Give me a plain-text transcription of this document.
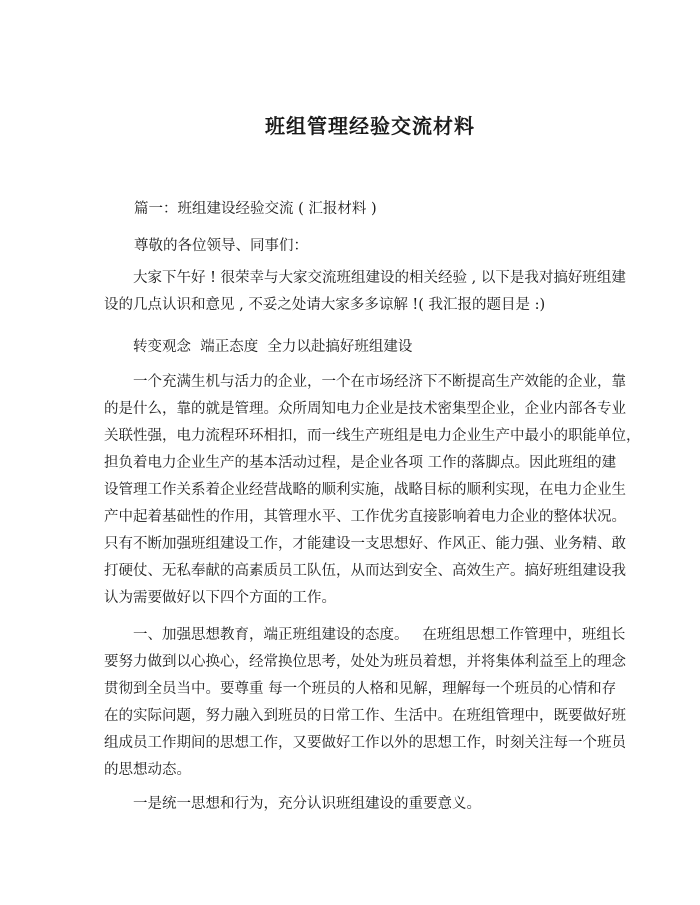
班组管理经验交流材料

篇一：班组建设经验交流 ( 汇报材料 )

尊敬的各位领导、同事们：

大家下午好 ! 很荣幸与大家交流班组建设的相关经验 , 以下是我对搞好班组建
设的几点认识和意见 , 不妥之处请大家多多谅解 !( 我汇报的题目是 :)

转变观念  端正态度  全力以赴搞好班组建设

一个充满生机与活力的企业，一个在市场经济下不断提高生产效能的企业，靠
的是什么，靠的就是管理。众所周知电力企业是技术密集型企业，企业内部各专业
关联性强，电力流程环环相扣，而一线生产班组是电力企业生产中最小的职能单位，
担负着电力企业生产的基本活动过程，是企业各项 工作的落脚点。因此班组的建
设管理工作关系着企业经营战略的顺利实施，战略目标的顺利实现，在电力企业生
产中起着基础性的作用，其管理水平、工作优劣直接影响着电力企业的整体状况。
只有不断加强班组建设工作，才能建设一支思想好、作风正、能力强、业务精、敢
打硬仗、无私奉献的高素质员工队伍，从而达到安全、高效生产。搞好班组建设我
认为需要做好以下四个方面的工作。
一、加强思想教育，端正班组建设的态度。   在班组思想工作管理中，班组长
要努力做到以心换心，经常换位思考，处处为班员着想，并将集体利益至上的理念
贯彻到全员当中。要尊重 每一个班员的人格和见解，理解每一个班员的心情和存
在的实际问题，努力融入到班员的日常工作、生活中。在班组管理中，既要做好班
组成员工作期间的思想工作，又要做好工作以外的思想工作，时刻关注每一个班员
的思想动态。

一是统一思想和行为，充分认识班组建设的重要意义。
